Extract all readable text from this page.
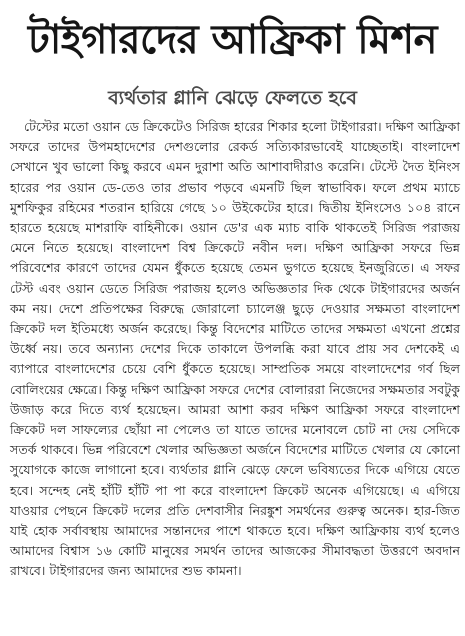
টাইগারদের আফ্রিকা মিশন
ব্যর্থতার গ্লানি ঝেড়ে ফেলতে হবে
টেস্টের মতো ওয়ান ডে ক্রিকেটেও সিরিজ হারের শিকার হলো টাইগাররা। দক্ষিণ আফ্রিকা সফরে তাদের উপমহাদেশের দেশগুলোর রেকর্ড সত্যিকারভাবেই যাচ্ছেতাই। বাংলাদেশ সেখানে খুব ভালো কিছু করবে এমন দুরাশা অতি আশাবাদীরাও করেনি। টেস্টে দৈত ইনিংস হারের পর ওয়ান ডে-তেও তার প্রভাব পড়বে এমনটি ছিল স্বাভাবিক। ফলে প্রথম ম্যাচে মুশফিকুর রহিমের শতরান হারিয়ে গেছে ১০ উইকেটের হারে। দ্বিতীয় ইনিংসেও ১০৪ রানে হারতে হয়েছে মাশরাফি বাহিনীকে। ওয়ান ডে'র এক ম্যাচ বাকি থাকতেই সিরিজ পরাজয় মেনে নিতে হয়েছে। বাংলাদেশ বিশ্ব ক্রিকেটে নবীন দল। দক্ষিণ আফ্রিকা সফরে ভিন্ন পরিবেশের কারণে তাদের যেমন ধুঁকতে হয়েছে তেমন ভুগতে হয়েছে ইনজুরিতে। এ সফর টেস্ট এবং ওয়ান ডেতে সিরিজ পরাজয় হলেও অভিজ্ঞতার দিক থেকে টাইগারদের অর্জন কম নয়। দেশে প্রতিপক্ষের বিরুদ্ধে জোরালো চ্যালেঞ্জ ছুড়ে দেওয়ার সক্ষমতা বাংলাদেশ ক্রিকেট দল ইতিমধ্যে অর্জন করেছে। কিন্তু বিদেশের মাটিতে তাদের সক্ষমতা এখনো প্রশ্নের উর্ধ্বে নয়। তবে অন্যান্য দেশের দিকে তাকালে উপলব্ধি করা যাবে প্রায় সব দেশকেই এ ব্যাপারে বাংলাদেশের চেয়ে বেশি ধুঁকতে হয়েছে। সাম্প্রতিক সময়ে বাংলাদেশের গর্ব ছিল বোলিংয়ের ক্ষেত্রে। কিন্তু দক্ষিণ আফ্রিকা সফরে দেশের বোলাররা নিজেদের সক্ষমতার সবটুকু উজাড় করে দিতে ব্যর্থ হয়েছেন। আমরা আশা করব দক্ষিণ আফ্রিকা সফরে বাংলাদেশ ক্রিকেট দল সাফল্যের ছোঁয়া না পেলেও তা যাতে তাদের মনোবলে চোট না দেয় সেদিকে সতর্ক থাকবে। ভিন্ন পরিবেশে খেলার অভিজ্ঞতা অর্জনে বিদেশের মাটিতে খেলার যে কোনো সুযোগকে কাজে লাগানো হবে। ব্যর্থতার গ্লানি ঝেড়ে ফেলে ভবিষ্যতের দিকে এগিয়ে যেতে হবে। সন্দেহ নেই হাঁটি হাঁটি পা পা করে বাংলাদেশ ক্রিকেট অনেক এগিয়েছে। এ এগিয়ে যাওয়ার পেছনে ক্রিকেট দলের প্রতি দেশবাসীর নিরঙ্কুশ সমর্থনের গুরুত্ব অনেক। হার-জিত যাই হোক সর্বাবস্থায় আমাদের সন্তানদের পাশে থাকতে হবে। দক্ষিণ আফ্রিকায় ব্যর্থ হলেও আমাদের বিশ্বাস ১৬ কোটি মানুষের সমর্থন তাদের আজকের সীমাবদ্ধতা উত্তরণে অবদান রাখবে। টাইগারদের জন্য আমাদের শুভ কামনা।
